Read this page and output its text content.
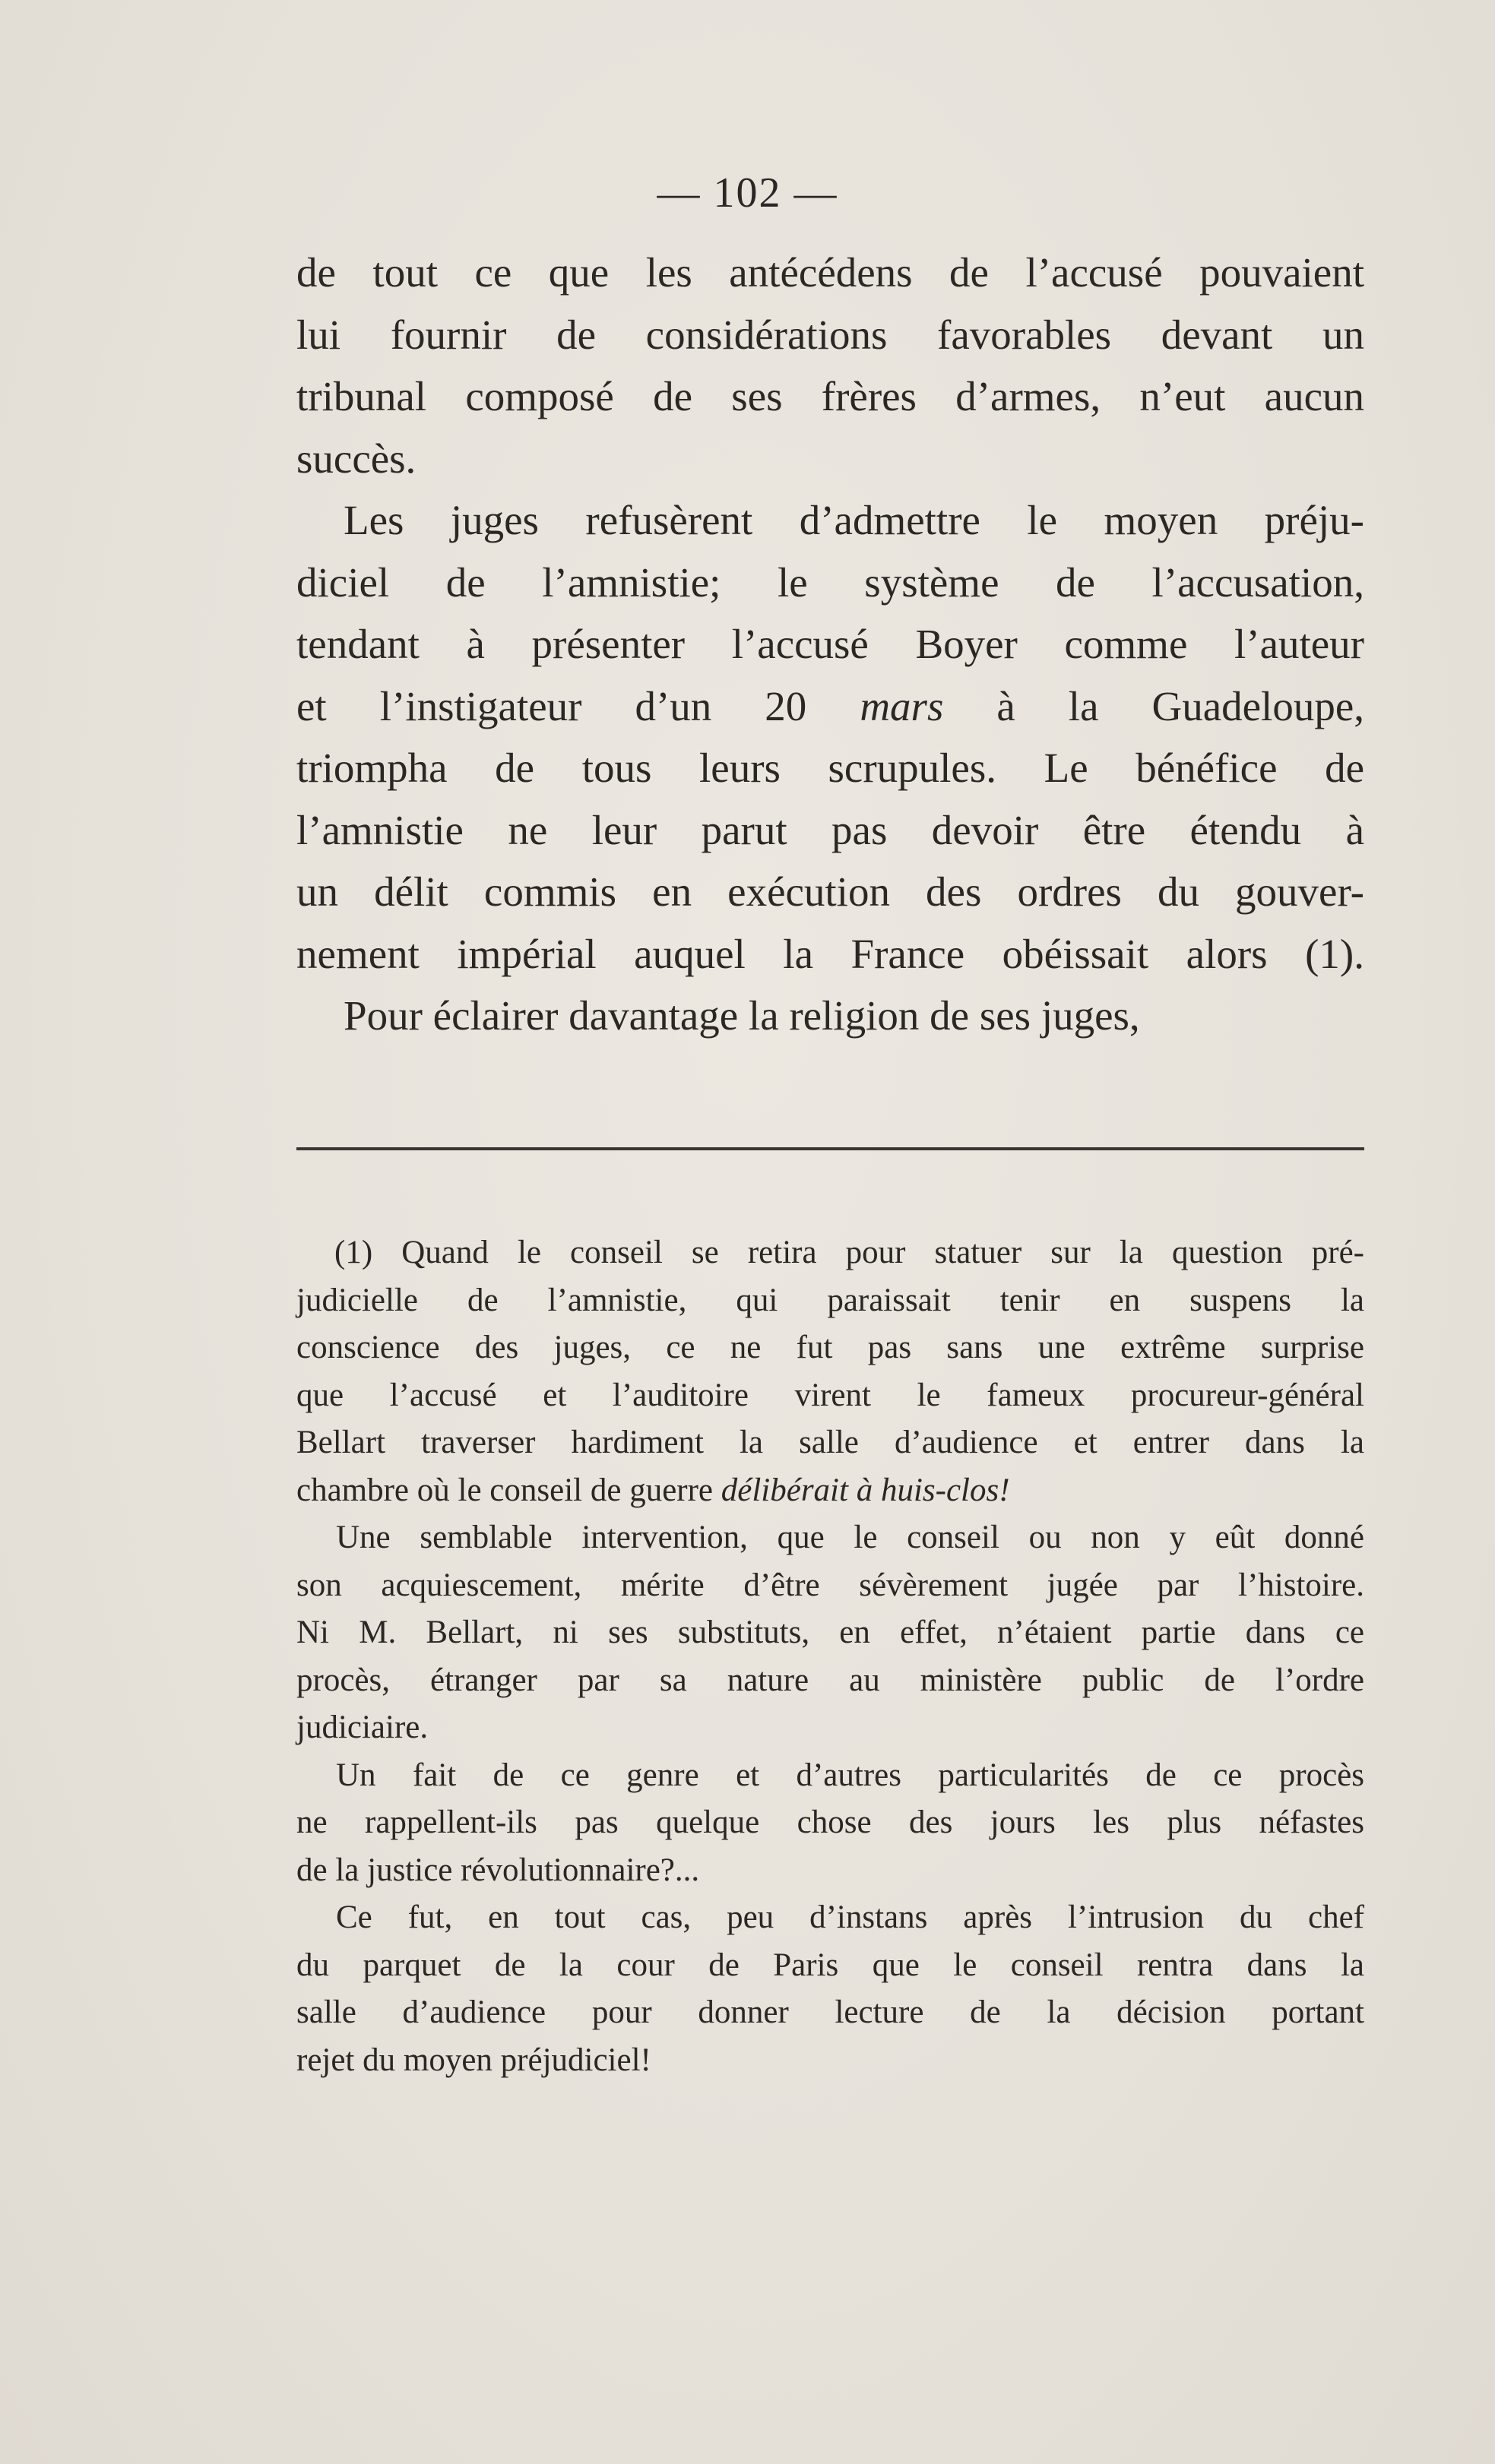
— 102 —

de tout ce que les antécédens de l’accusé pouvaient
lui fournir de considérations favorables devant un
tribunal composé de ses frères d’armes, n’eut aucun
succès.

Les juges refusèrent d’admettre le moyen préju-
diciel de l’amnistie; le système de l’accusation,
tendant à présenter l’accusé Boyer comme l’auteur
et l’instigateur d’un 20 mars à la Guadeloupe,
triompha de tous leurs scrupules. Le bénéfice de
l’amnistie ne leur parut pas devoir être étendu à
un délit commis en exécution des ordres du gouver-
nement impérial auquel la France obéissait alors (1).

Pour éclairer davantage la religion de ses juges,

(1) Quand le conseil se retira pour statuer sur la question pré-
judicielle de l’amnistie, qui paraissait tenir en suspens la
conscience des juges, ce ne fut pas sans une extrême surprise
que l’accusé et l’auditoire virent le fameux procureur-général
Bellart traverser hardiment la salle d’audience et entrer dans la
chambre où le conseil de guerre délibérait à huis-clos!

Une semblable intervention, que le conseil ou non y eût donné
son acquiescement, mérite d’être sévèrement jugée par l’histoire.
Ni M. Bellart, ni ses substituts, en effet, n’étaient partie dans ce
procès, étranger par sa nature au ministère public de l’ordre
judiciaire.

Un fait de ce genre et d’autres particularités de ce procès
ne rappellent-ils pas quelque chose des jours les plus néfastes
de la justice révolutionnaire?...

Ce fut, en tout cas, peu d’instans après l’intrusion du chef
du parquet de la cour de Paris que le conseil rentra dans la
salle d’audience pour donner lecture de la décision portant
rejet du moyen préjudiciel!
